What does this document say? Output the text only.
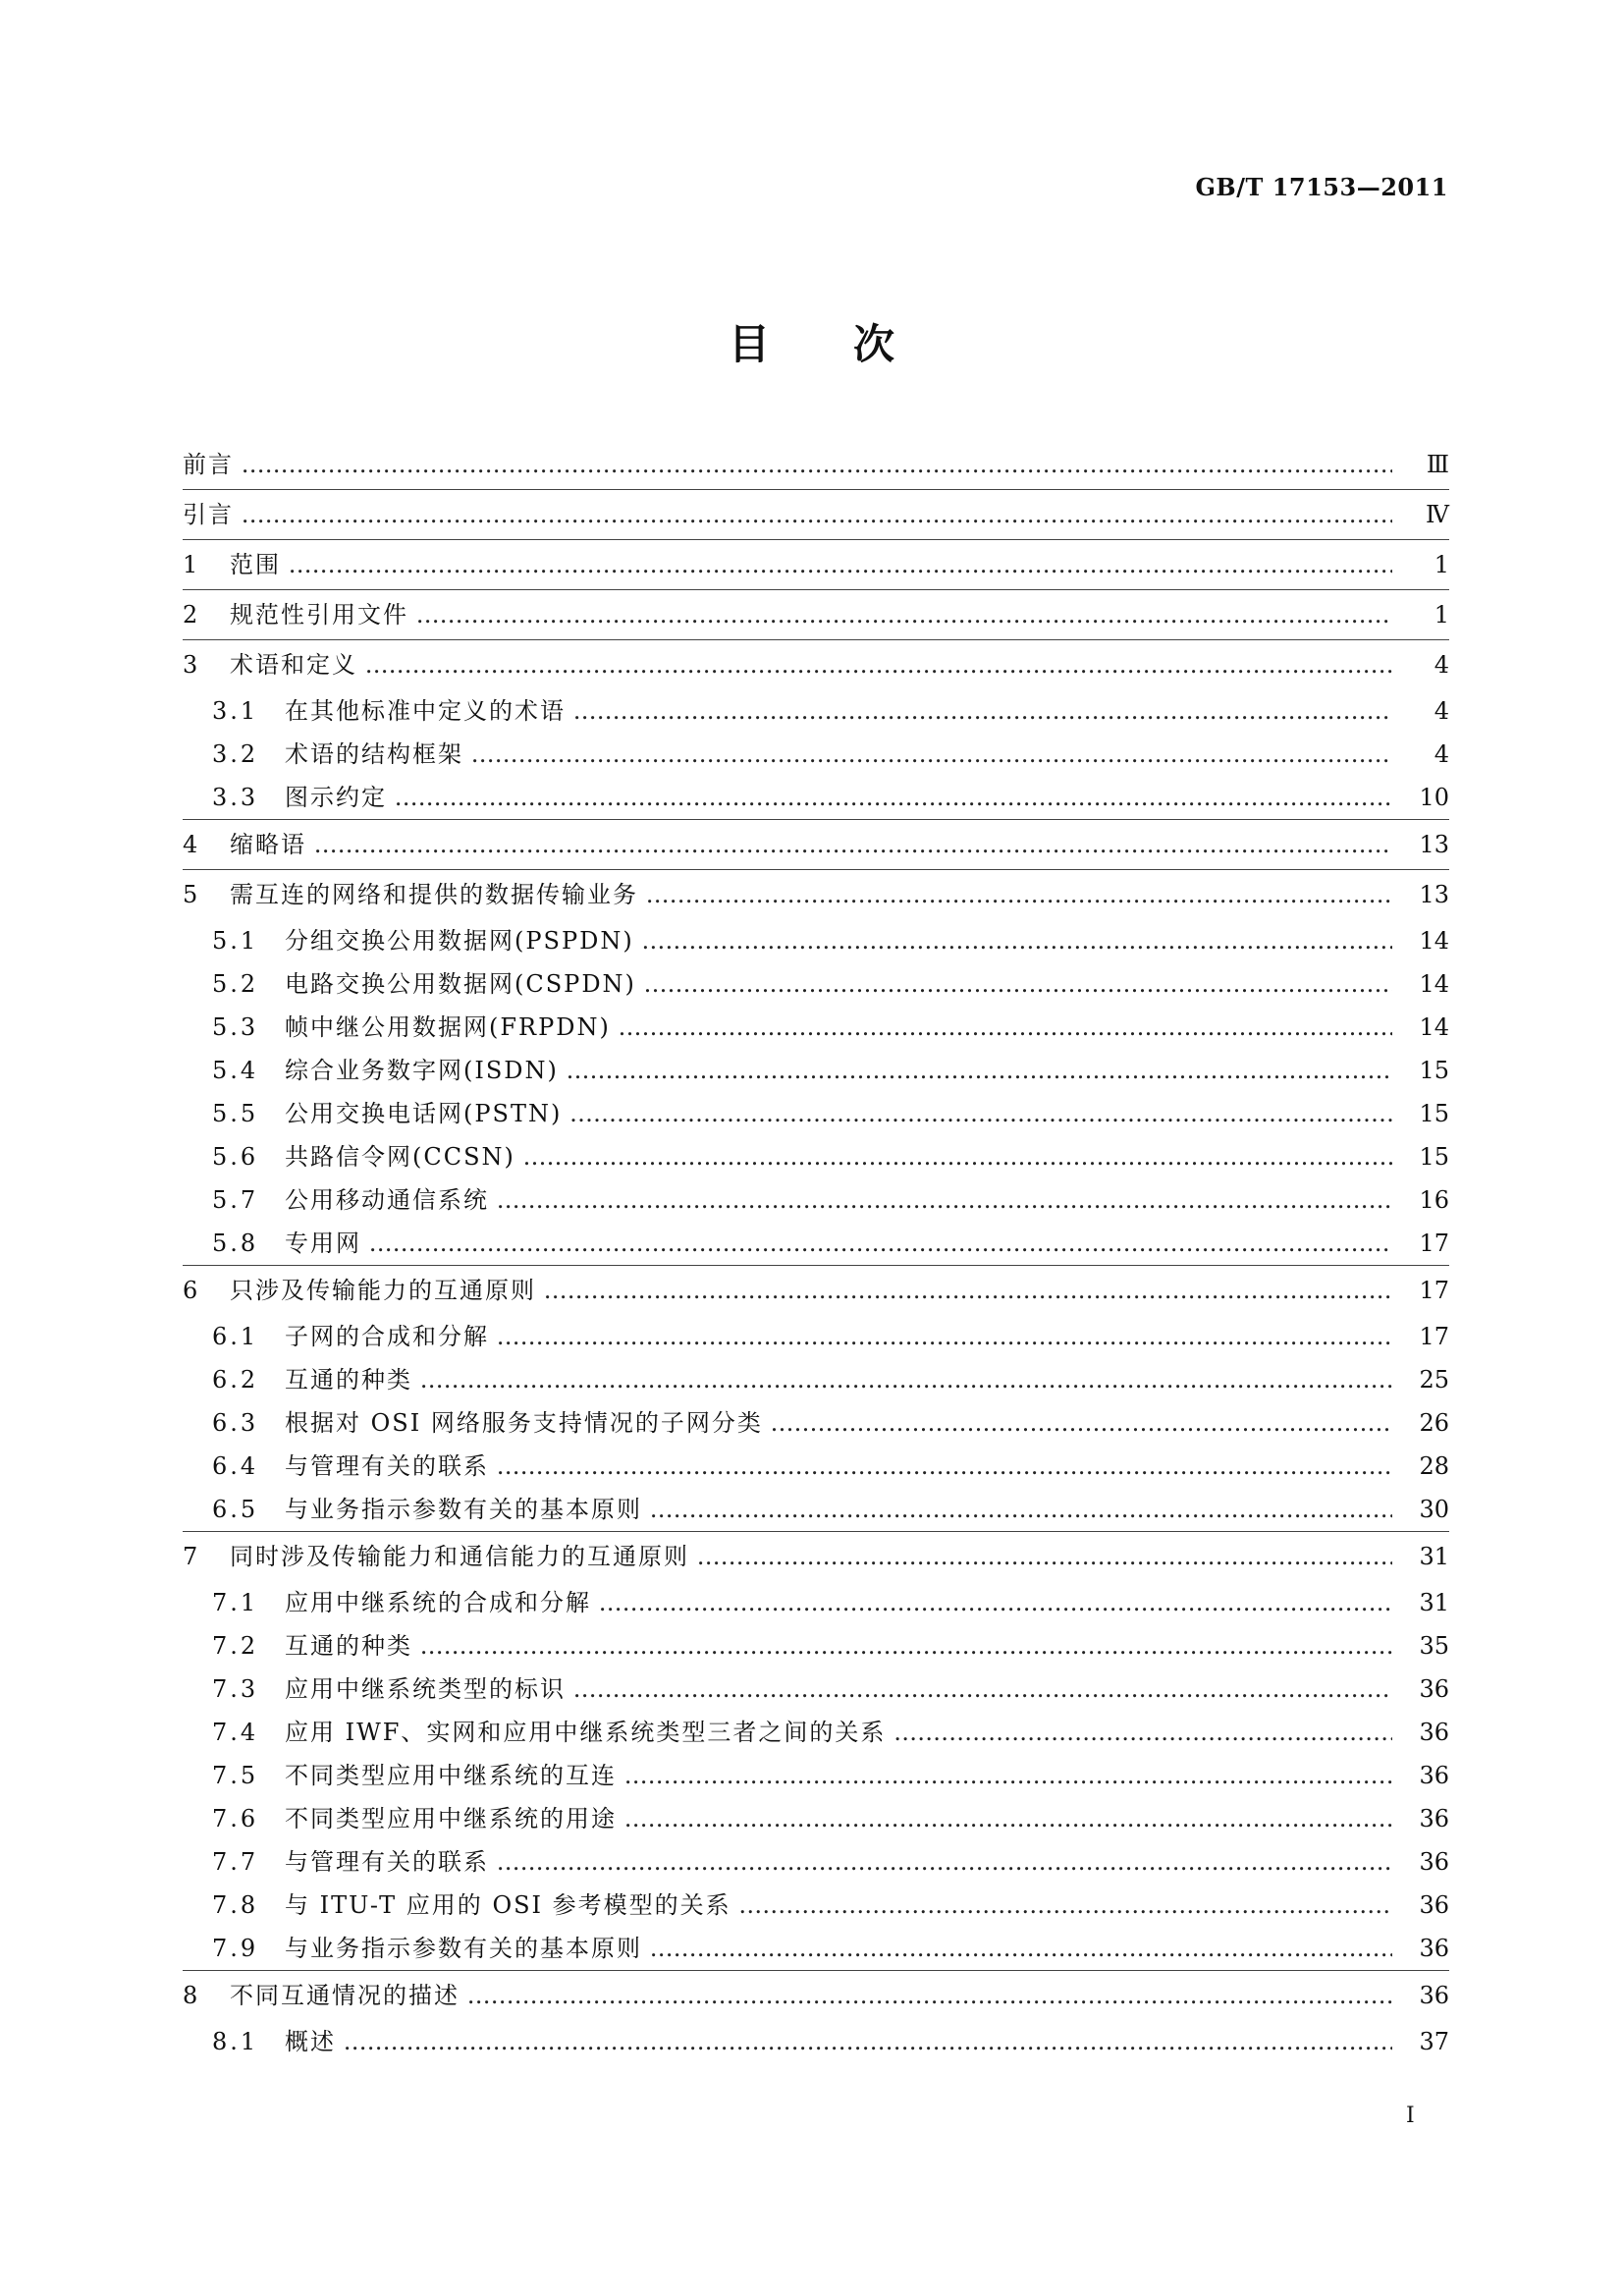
GB/T 17153—2011
目次
前言 ………………………………………………………………………………………………………………………………………………………………………………………………………………………………………………	Ⅲ
引言 ………………………………………………………………………………………………………………………………………………………………………………………………………………………………………………	Ⅳ
1 范围 ………………………………………………………………………………………………………………………………………………………………………………………………………………………………………………	1
2 规范性引用文件 ………………………………………………………………………………………………………………………………………………………………………………………………………………………………………………	1
3 术语和定义 ………………………………………………………………………………………………………………………………………………………………………………………………………………………………………………	4
3.1 在其他标准中定义的术语 ………………………………………………………………………………………………………………………………………………………………………………………………………………………………………………	4
3.2 术语的结构框架 ………………………………………………………………………………………………………………………………………………………………………………………………………………………………………………	4
3.3 图示约定 ………………………………………………………………………………………………………………………………………………………………………………………………………………………………………………	10
4 缩略语 ………………………………………………………………………………………………………………………………………………………………………………………………………………………………………………	13
5 需互连的网络和提供的数据传输业务 ………………………………………………………………………………………………………………………………………………………………………………………………………………………………………………	13
5.1 分组交换公用数据网(PSPDN) ………………………………………………………………………………………………………………………………………………………………………………………………………………………………………………	14
5.2 电路交换公用数据网(CSPDN) ………………………………………………………………………………………………………………………………………………………………………………………………………………………………………………	14
5.3 帧中继公用数据网(FRPDN) ………………………………………………………………………………………………………………………………………………………………………………………………………………………………………………	14
5.4 综合业务数字网(ISDN) ………………………………………………………………………………………………………………………………………………………………………………………………………………………………………………	15
5.5 公用交换电话网(PSTN) ………………………………………………………………………………………………………………………………………………………………………………………………………………………………………………	15
5.6 共路信令网(CCSN) ………………………………………………………………………………………………………………………………………………………………………………………………………………………………………………	15
5.7 公用移动通信系统 ………………………………………………………………………………………………………………………………………………………………………………………………………………………………………………	16
5.8 专用网 ………………………………………………………………………………………………………………………………………………………………………………………………………………………………………………	17
6 只涉及传输能力的互通原则 ………………………………………………………………………………………………………………………………………………………………………………………………………………………………………………	17
6.1 子网的合成和分解 ………………………………………………………………………………………………………………………………………………………………………………………………………………………………………………	17
6.2 互通的种类 ………………………………………………………………………………………………………………………………………………………………………………………………………………………………………………	25
6.3 根据对 OSI 网络服务支持情况的子网分类 ………………………………………………………………………………………………………………………………………………………………………………………………………………………………………………	26
6.4 与管理有关的联系 ………………………………………………………………………………………………………………………………………………………………………………………………………………………………………………	28
6.5 与业务指示参数有关的基本原则 ………………………………………………………………………………………………………………………………………………………………………………………………………………………………………………	30
7 同时涉及传输能力和通信能力的互通原则 ………………………………………………………………………………………………………………………………………………………………………………………………………………………………………………	31
7.1 应用中继系统的合成和分解 ………………………………………………………………………………………………………………………………………………………………………………………………………………………………………………	31
7.2 互通的种类 ………………………………………………………………………………………………………………………………………………………………………………………………………………………………………………	35
7.3 应用中继系统类型的标识 ………………………………………………………………………………………………………………………………………………………………………………………………………………………………………………	36
7.4 应用 IWF、实网和应用中继系统类型三者之间的关系 ………………………………………………………………………………………………………………………………………………………………………………………………………………………………………………	36
7.5 不同类型应用中继系统的互连 ………………………………………………………………………………………………………………………………………………………………………………………………………………………………………………	36
7.6 不同类型应用中继系统的用途 ………………………………………………………………………………………………………………………………………………………………………………………………………………………………………………	36
7.7 与管理有关的联系 ………………………………………………………………………………………………………………………………………………………………………………………………………………………………………………	36
7.8 与 ITU-T 应用的 OSI 参考模型的关系 ………………………………………………………………………………………………………………………………………………………………………………………………………………………………………………	36
7.9 与业务指示参数有关的基本原则 ………………………………………………………………………………………………………………………………………………………………………………………………………………………………………………	36
8 不同互通情况的描述 ………………………………………………………………………………………………………………………………………………………………………………………………………………………………………………	36
8.1 概述 ………………………………………………………………………………………………………………………………………………………………………………………………………………………………………………	37
I
